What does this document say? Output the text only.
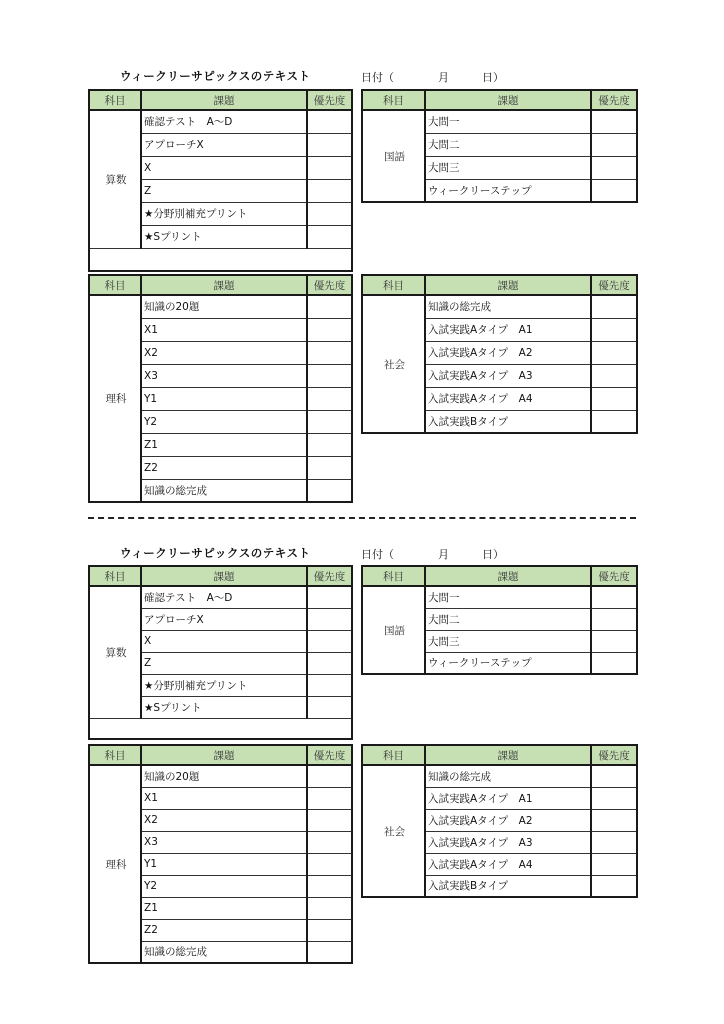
ウィークリーサピックスのテキスト	日付（　　　　月　　　日）
科目	課題	優先度
算数	確認テスト　A〜D	
	アプローチX	
	X	
	Z	
	★分野別補充プリント	
	★Sプリント	

科目	課題	優先度
国語	大問一	
	大問二	
	大問三	
	ウィークリーステップ	
科目	課題	優先度
理科	知識の20題	
	X1	
	X2	
	X3	
	Y1	
	Y2	
	Z1	
	Z2	
	知識の総完成	
科目	課題	優先度
社会	知識の総完成	
	入試実践Aタイプ　A1	
	入試実践Aタイプ　A2	
	入試実践Aタイプ　A3	
	入試実践Aタイプ　A4	
	入試実践Bタイプ	
ウィークリーサピックスのテキスト	日付（　　　　月　　　日）
科目	課題	優先度
算数	確認テスト　A〜D	
	アプローチX	
	X	
	Z	
	★分野別補充プリント	
	★Sプリント	

科目	課題	優先度
国語	大問一	
	大問二	
	大問三	
	ウィークリーステップ	
科目	課題	優先度
理科	知識の20題	
	X1	
	X2	
	X3	
	Y1	
	Y2	
	Z1	
	Z2	
	知識の総完成	
科目	課題	優先度
社会	知識の総完成	
	入試実践Aタイプ　A1	
	入試実践Aタイプ　A2	
	入試実践Aタイプ　A3	
	入試実践Aタイプ　A4	
	入試実践Bタイプ	
